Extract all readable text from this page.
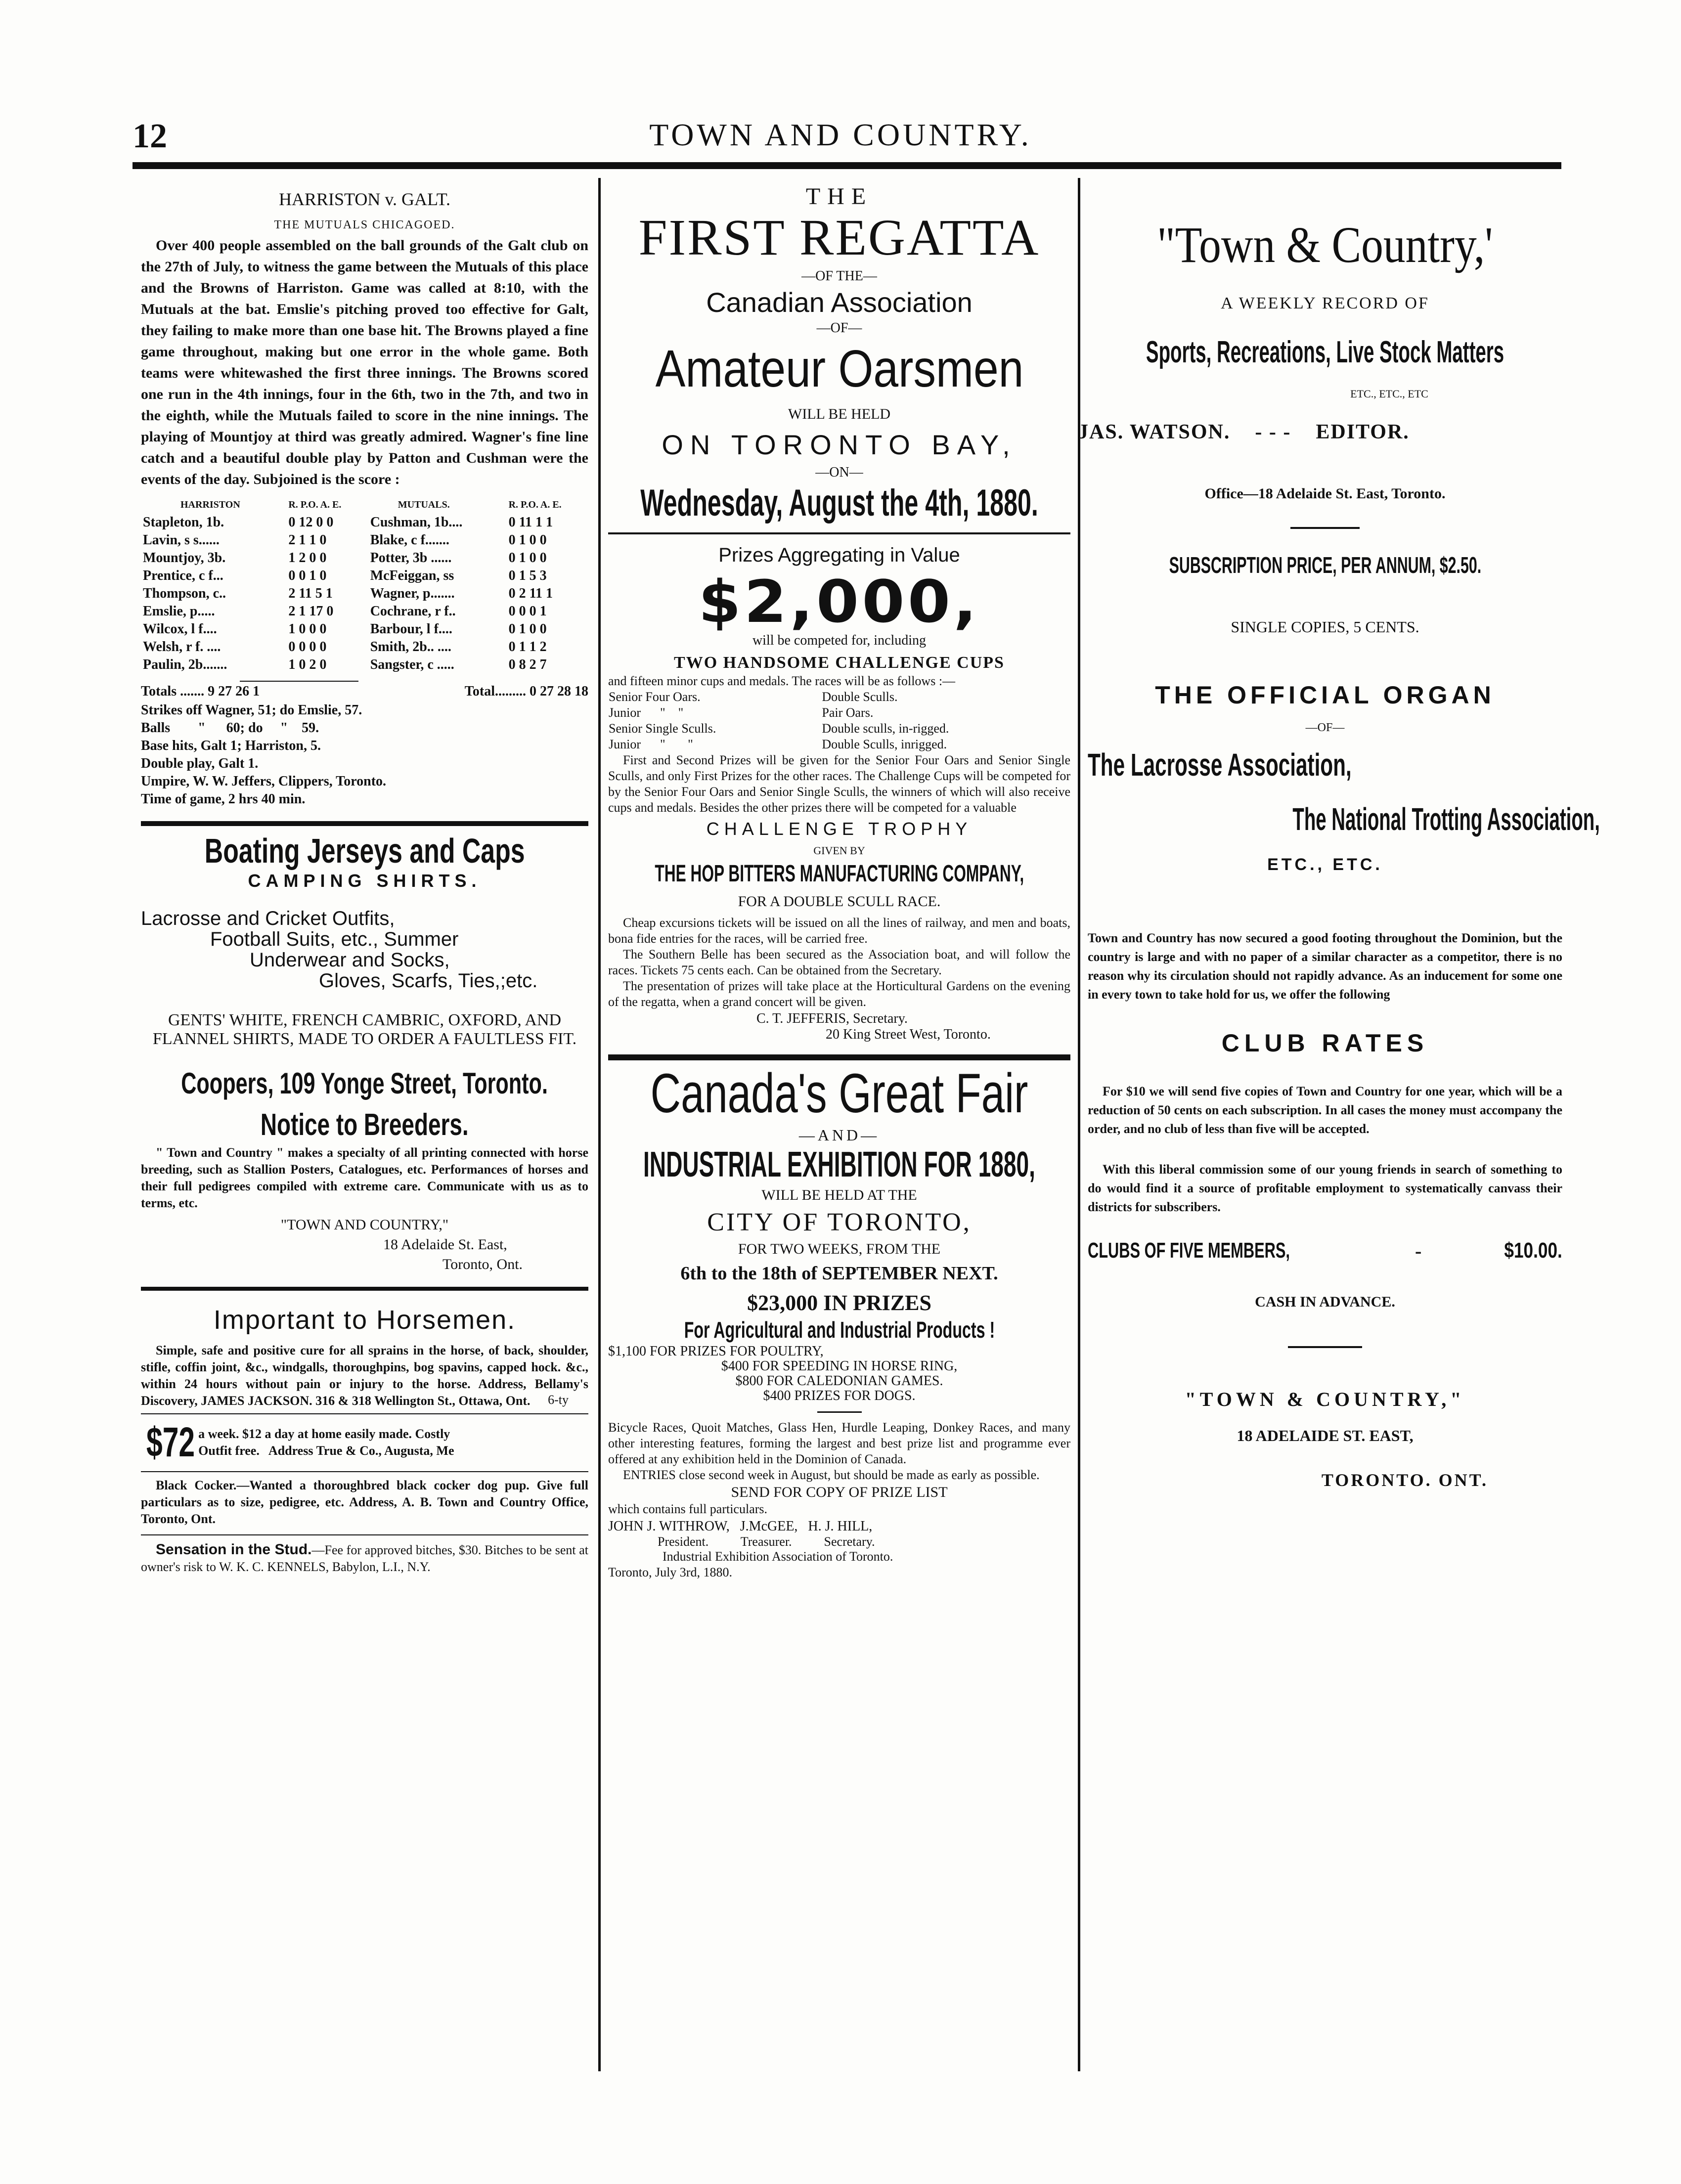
12	TOWN AND COUNTRY.
HARRISTON v. GALT.
THE MUTUALS CHICAGOED.

Over 400 people assembled on the ball grounds of the Galt club on the 27th of July, to witness the game between the Mutuals of this place and the Browns of Harriston. Game was called at 8:10, with the Mutuals at the bat. Emslie's pitching proved too effective for Galt, they failing to make more than one base hit. The Browns played a fine game throughout, making but one error in the whole game. Both teams were whitewashed the first three innings. The Browns scored one run in the 4th innings, four in the 6th, two in the 7th, and two in the eighth, while the Mutuals failed to score in the nine innings. The playing of Mountjoy at third was greatly admired. Wagner's fine line catch and a beautiful double play by Patton and Cushman were the events of the day. Subjoined is the score :

HARRISTON	R. P.O. A. E.	MUTUALS.	R. P.O. A. E.
Stapleton, 1b.	0 12 0 0	Cushman, 1b....	0 11 1 1
Lavin, s s......	2 1 1 0	Blake, c f.......	0 1 0 0
Mountjoy, 3b.	1 2 0 0	Potter, 3b ......	0 1 0 0
Prentice, c f...	0 0 1 0	McFeiggan, ss	0 1 5 3
Thompson, c..	2 11 5 1	Wagner, p.......	0 2 11 1
Emslie, p.....	2 1 17 0	Cochrane, r f..	0 0 0 1
Wilcox, l f....	1 0 0 0	Barbour, l f....	0 1 0 0
Welsh, r f. ....	0 0 0 0	Smith, 2b.. ....	0 1 1 2
Paulin, 2b.......	1 0 2 0	Sangster, c .....	0 8 2 7
Totals ....... 9 27 26 1	Total......... 0 27 28 18
Strikes off Wagner, 51; do Emslie, 57.
Balls        "      60; do     "    59.
Base hits, Galt 1; Harriston, 5.
Double play, Galt 1.
Umpire, W. W. Jeffers, Clippers, Toronto.
Time of game, 2 hrs 40 min.
Boating Jerseys and Caps
CAMPING SHIRTS.
Lacrosse and Cricket Outfits,
Football Suits, etc., Summer
Underwear and Socks,
Gloves, Scarfs, Ties,;etc.

GENTS' WHITE, FRENCH CAMBRIC, OXFORD, AND FLANNEL SHIRTS, MADE TO ORDER A FAULTLESS FIT.

Coopers, 109 Yonge Street, Toronto.
Notice to Breeders.

" Town and Country " makes a specialty of all printing connected with horse breeding, such as Stallion Posters, Catalogues, etc. Performances of horses and their full pedigrees compiled with extreme care. Communicate with us as to terms, etc.

"TOWN AND COUNTRY,"
18 Adelaide St. East,
Toronto, Ont.
Important to Horsemen.

Simple, safe and positive cure for all sprains in the horse, of back, shoulder, stifle, coffin joint, &c., windgalls, thoroughpins, bog spavins, capped hock. &c., within 24 hours without pain or injury to the horse. Address, Bellamy's Discovery, JAMES JACKSON. 316 & 318 Wellington St., Ottawa, Ont.	6-ty
$72 a week. $12 a day at home easily made. Costly
Outfit free.   Address True & Co., Augusta, Me

Black Cocker.—Wanted a thoroughbred black cocker dog pup. Give full particulars as to size, pedigree, etc. Address, A. B. Town and Country Office, Toronto, Ont.

Sensation in the Stud.—Fee for approved bitches, $30. Bitches to be sent at owner's risk to W. K. C. KENNELS, Babylon, L.I., N.Y.

THE
FIRST REGATTA
—OF THE—
Canadian Association
—OF—
Amateur Oarsmen
WILL BE HELD
ON TORONTO BAY,
—ON—
Wednesday, August the 4th, 1880.
Prizes Aggregating in Value
$2,000,
will be competed for, including
TWO HANDSOME CHALLENGE CUPS

and fifteen minor cups and medals. The races will be as follows :—

Senior Four Oars.	Double Sculls.
Junior      "    "	Pair Oars.
Senior Single Sculls.	Double sculls, in-rigged.
Junior      "       "	Double Sculls, inrigged.

First and Second Prizes will be given for the Senior Four Oars and Senior Single Sculls, and only First Prizes for the other races. The Challenge Cups will be competed for by the Senior Four Oars and Senior Single Sculls, the winners of which will also receive cups and medals. Besides the other prizes there will be competed for a valuable

CHALLENGE TROPHY
GIVEN BY
THE HOP BITTERS MANUFACTURING COMPANY,
FOR A DOUBLE SCULL RACE.

Cheap excursions tickets will be issued on all the lines of railway, and men and boats, bona fide entries for the races, will be carried free.

The Southern Belle has been secured as the Association boat, and will follow the races. Tickets 75 cents each. Can be obtained from the Secretary.

The presentation of prizes will take place at the Horticultural Gardens on the evening of the regatta, when a grand concert will be given.

C. T. JEFFERIS, Secretary.
20 King Street West, Toronto.
Canada's Great Fair
—AND—
INDUSTRIAL EXHIBITION FOR 1880,
WILL BE HELD AT THE
CITY OF TORONTO,
FOR TWO WEEKS, FROM THE
6th to the 18th of SEPTEMBER NEXT.
$23,000 IN PRIZES
For Agricultural and Industrial Products !
$1,100 FOR PRIZES FOR POULTRY,
$400 FOR SPEEDING IN HORSE RING,
$800 FOR CALEDONIAN GAMES.
$400 PRIZES FOR DOGS.

Bicycle Races, Quoit Matches, Glass Hen, Hurdle Leaping, Donkey Races, and many other interesting features, forming the largest and best prize list and programme ever offered at any exhibition held in the Dominion of Canada.

ENTRIES close second week in August, but should be made as early as possible.

SEND FOR COPY OF PRIZE LIST
which contains full particulars.
JOHN J. WITHROW,   J.McGEE,   H. J. HILL,
President.          Treasurer.          Secretary.
Industrial Exhibition Association of Toronto.
Toronto, July 3rd, 1880.
"Town & Country,'
A WEEKLY RECORD OF
Sports, Recreations, Live Stock Matters
ETC., ETC., ETC
JAS. WATSON. - - - EDITOR.
Office—18 Adelaide St. East, Toronto.
SUBSCRIPTION PRICE, PER ANNUM, $2.50.
SINGLE COPIES, 5 CENTS.
THE OFFICIAL ORGAN
—OF—
The Lacrosse Association,
The National Trotting Association,
ETC., ETC.

Town and Country has now secured a good footing throughout the Dominion, but the country is large and with no paper of a similar character as a competitor, there is no reason why its circulation should not rapidly advance. As an inducement for some one in every town to take hold for us, we offer the following

CLUB RATES

For $10 we will send five copies of Town and Country for one year, which will be a reduction of 50 cents on each subscription. In all cases the money must accompany the order, and no club of less than five will be accepted.

With this liberal commission some of our young friends in search of something to do would find it a source of profitable employment to systematically canvass their districts for subscribers.

CLUBS OF FIVE MEMBERS,	-	$10.00.
CASH IN ADVANCE.
"TOWN & COUNTRY,"
18 ADELAIDE ST. EAST,
TORONTO. ONT.
